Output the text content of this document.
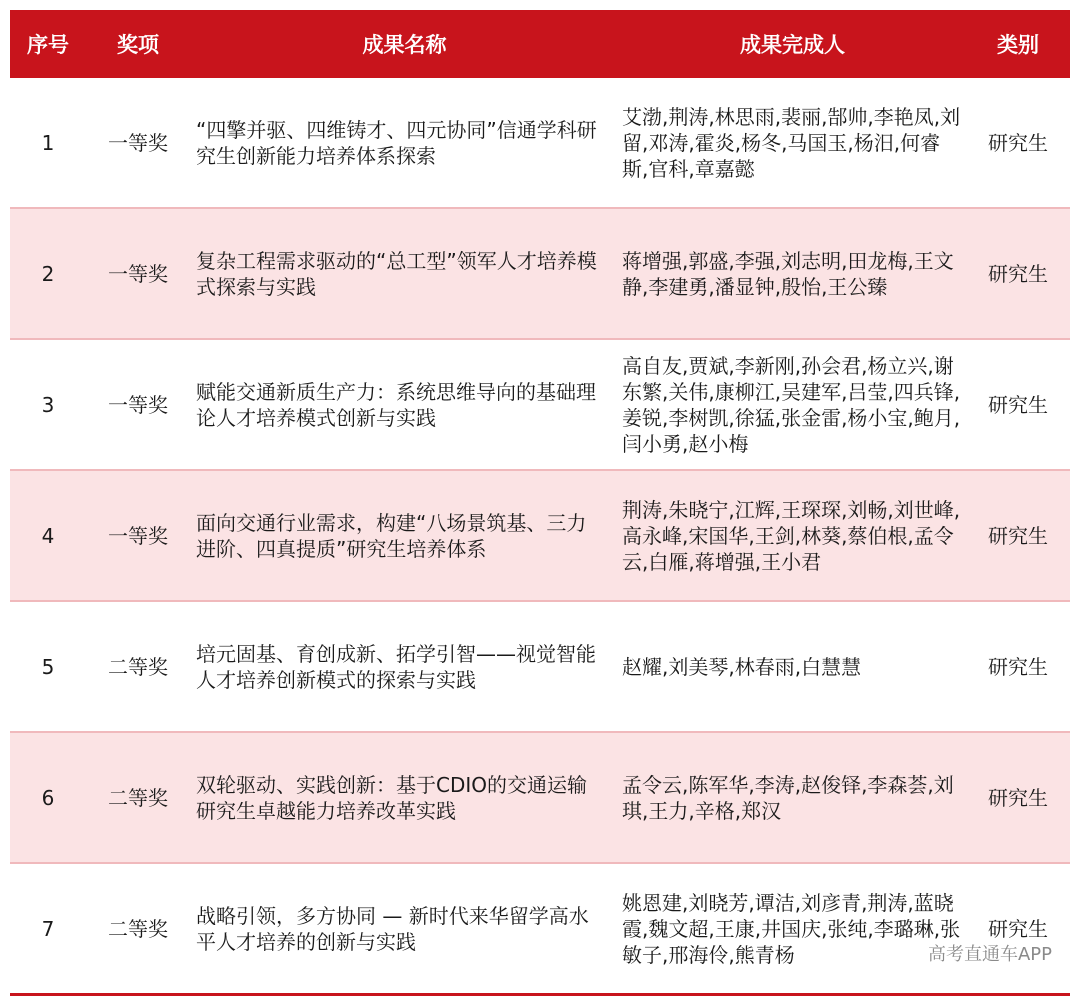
序号	奖项	成果名称	成果完成人	类别
1	一等奖	“四擎并驱、四维铸才、四元协同”信通学科研究生创新能力培养体系探索	艾渤,荆涛,林思雨,裴丽,郜帅,李艳凤,刘留,邓涛,霍炎,杨冬,马国玉,杨汨,何睿斯,官科,章嘉懿	研究生
2	一等奖	复杂工程需求驱动的“总工型”领军人才培养模式探索与实践	蒋增强,郭盛,李强,刘志明,田龙梅,王文静,李建勇,潘显钟,殷怡,王公臻	研究生
3	一等奖	赋能交通新质生产力：系统思维导向的基础理论人才培养模式创新与实践	高自友,贾斌,李新刚,孙会君,杨立兴,谢东繁,关伟,康柳江,吴建军,吕莹,四兵锋,姜锐,李树凯,徐猛,张金雷,杨小宝,鲍月,闫小勇,赵小梅	研究生
4	一等奖	面向交通行业需求，构建“八场景筑基、三力进阶、四真提质”研究生培养体系	荆涛,朱晓宁,江辉,王琛琛,刘畅,刘世峰,高永峰,宋国华,王剑,林葵,蔡伯根,孟令云,白雁,蒋增强,王小君	研究生
5	二等奖	培元固基、育创成新、拓学引智——视觉智能人才培养创新模式的探索与实践	赵耀,刘美琴,林春雨,白慧慧	研究生
6	二等奖	双轮驱动、实践创新：基于CDIO的交通运输研究生卓越能力培养改革实践	孟令云,陈军华,李涛,赵俊铎,李森荟,刘琪,王力,辛格,郑汉	研究生
7	二等奖	战略引领，多方协同 — 新时代来华留学高水平人才培养的创新与实践	姚恩建,刘晓芳,谭洁,刘彦青,荆涛,蓝晓霞,魏文超,王康,井国庆,张纯,李璐琳,张敏子,邢海伶,熊青杨	研究生
高考直通车APP
